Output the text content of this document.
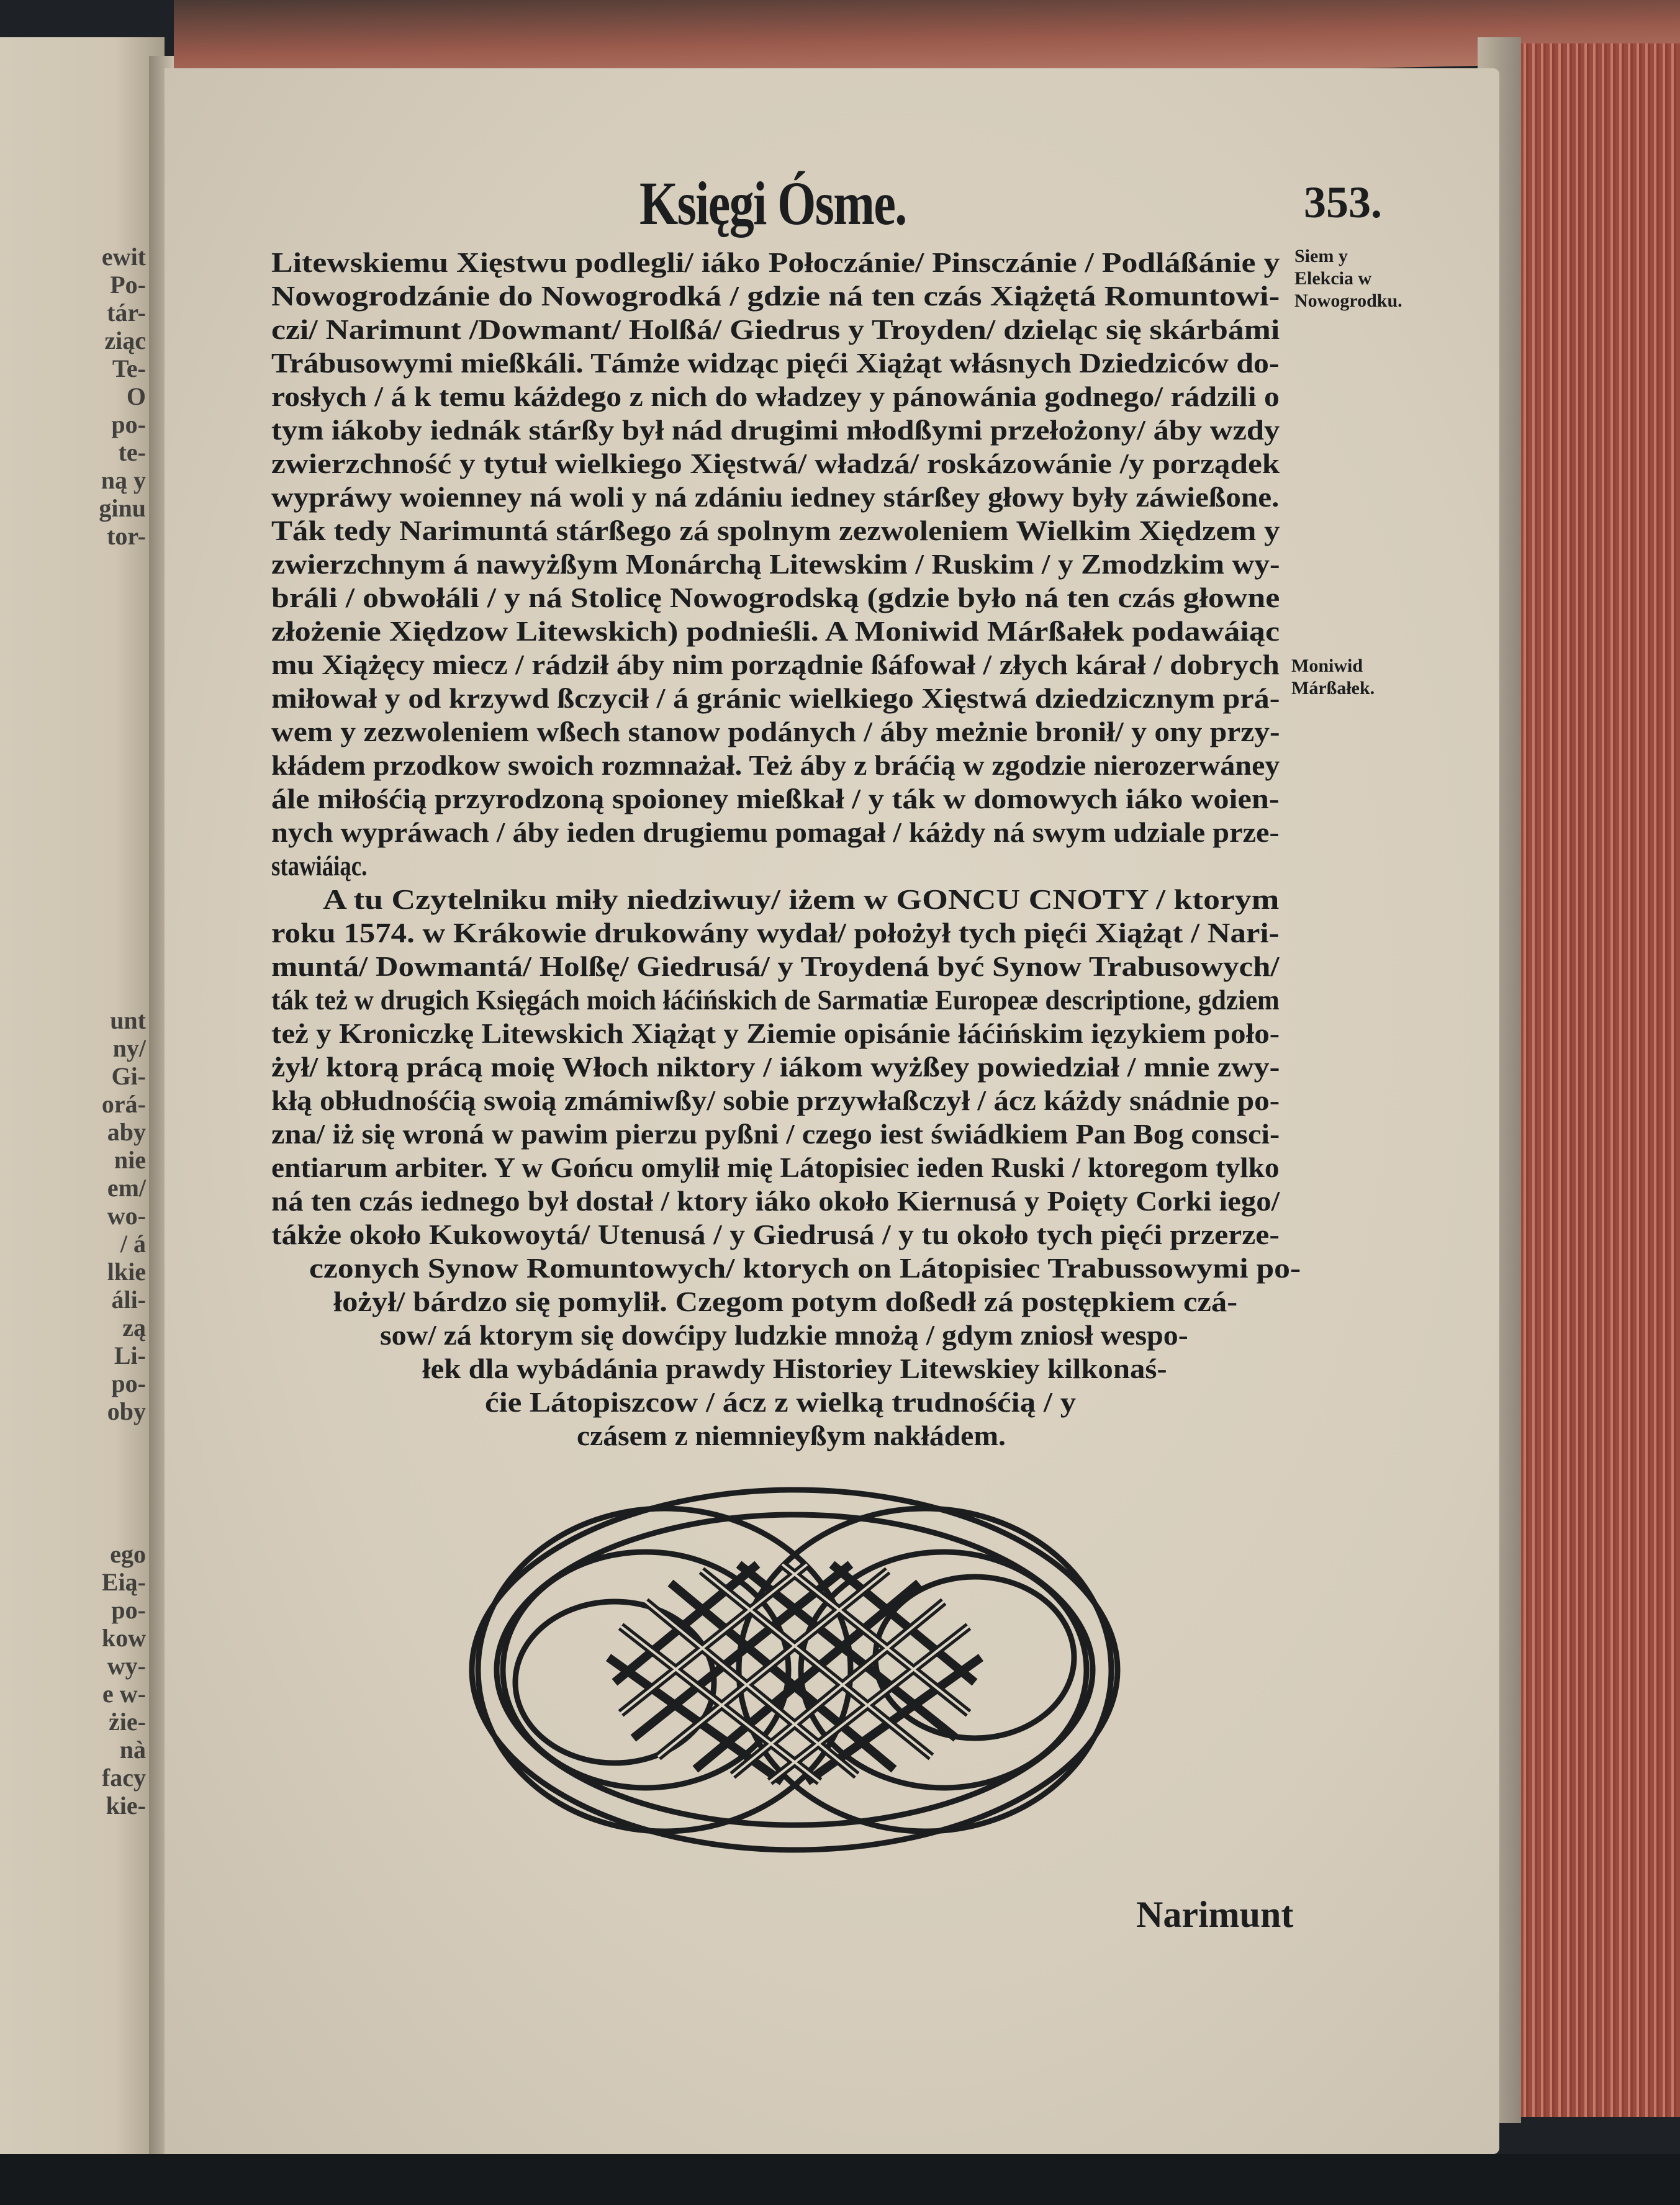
ewit
Po-
tár-
ziąc
Te-
O
po-
te-
ną y
ginu
tor-
unt
ny/
Gi-
orá-
aby
nie
em/
wo-
/ á
lkie
áli-
zą
Li-
po-
oby
ego
Eią-
po-
kow
wy-
e w-
żie-
nà
facy
kie-
Księgi Ósme.	353.
Litewskiemu Xięstwu podlegli/ iáko Połoczánie/ Pinsczánie / Podláßánie y
Nowogrodzánie do Nowogrodká / gdzie ná ten czás Xiążętá Romuntowi-
czi/ Narimunt /Dowmant/ Holßá/ Giedrus y Troyden/ dzieląc się skárbámi
Trábusowymi mießkáli. Támże widząc pięći Xiążąt włásnych Dziedziców do-
rosłych / á k temu káżdego z nich do władzey y pánowánia godnego/ rádzili o
tym iákoby iednák stárßy był nád drugimi młodßymi przełożony/ áby wzdy
zwierzchność y tytuł wielkiego Xięstwá/ władzá/ roskázowánie /y porządek
wypráwy woienney ná woli y ná zdániu iedney stárßey głowy były záwießone.
Ták tedy Narimuntá stárßego zá spolnym zezwoleniem Wielkim Xiędzem y
zwierzchnym á nawyżßym Monárchą Litewskim / Ruskim / y Zmodzkim wy-
bráli / obwołáli / y ná Stolicę Nowogrodską (gdzie było ná ten czás głowne
złożenie Xiędzow Litewskich) podnieśli. A Moniwid Márßałek podawáiąc
mu Xiążęcy miecz / rádził áby nim porządnie ßáfował / złych kárał / dobrych
miłował y od krzywd ßczycił / á gránic wielkiego Xięstwá dziedzicznym prá-
wem y zezwoleniem wßech stanow podánych / áby meżnie bronił/ y ony przy-
kłádem przodkow swoich rozmnażał. Też áby z bráćią w zgodzie nierozerwáney
ále miłośćią przyrodzoną spoioney mießkał / y ták w domowych iáko woien-
nych wypráwach / áby ieden drugiemu pomagał / káżdy ná swym udziale prze-
stawiáiąc.
A tu Czytelniku miły niedziwuy/ iżem w GONCU CNOTY / ktorym
roku 1574. w Krákowie drukowány wydał/ położył tych pięći Xiążąt / Nari-
muntá/ Dowmantá/ Holßę/ Giedrusá/ y Troydená być Synow Trabusowych/
ták też w drugich Księgách moich łáćińskich de Sarmatiæ Europeæ descriptione, gdziem
też y Kroniczkę Litewskich Xiążąt y Ziemie opisánie łáćińskim ięzykiem poło-
żył/ ktorą prácą moię Włoch niktory / iákom wyżßey powiedział / mnie zwy-
kłą obłudnośćią swoią zmámiwßy/ sobie przywłaßczył / ácz káżdy snádnie po-
zna/ iż się wroná w pawim pierzu pyßni / czego iest świádkiem Pan Bog consci-
entiarum arbiter. Y w Gońcu omylił mię Látopisiec ieden Ruski / ktoregom tylko
ná ten czás iednego był dostał / ktory iáko około Kiernusá y Poięty Corki iego/
tákże około Kukowoytá/ Utenusá / y Giedrusá / y tu około tych pięći przerze-
czonych Synow Romuntowych/ ktorych on Látopisiec Trabussowymi po-
łożył/ bárdzo się pomylił. Czegom potym doßedł zá postępkiem czá-
sow/ zá ktorym się dowćipy ludzkie mnożą / gdym zniosł wespo-
łek dla wybádánia prawdy Historiey Litewskiey kilkonaś-
ćie Látopiszcow / ácz z wielką trudnośćią / y
czásem z niemnieyßym nakłádem.
Siem y Elekcia w Nowogrodku.
Moniwid Márßałek.
Narimunt
